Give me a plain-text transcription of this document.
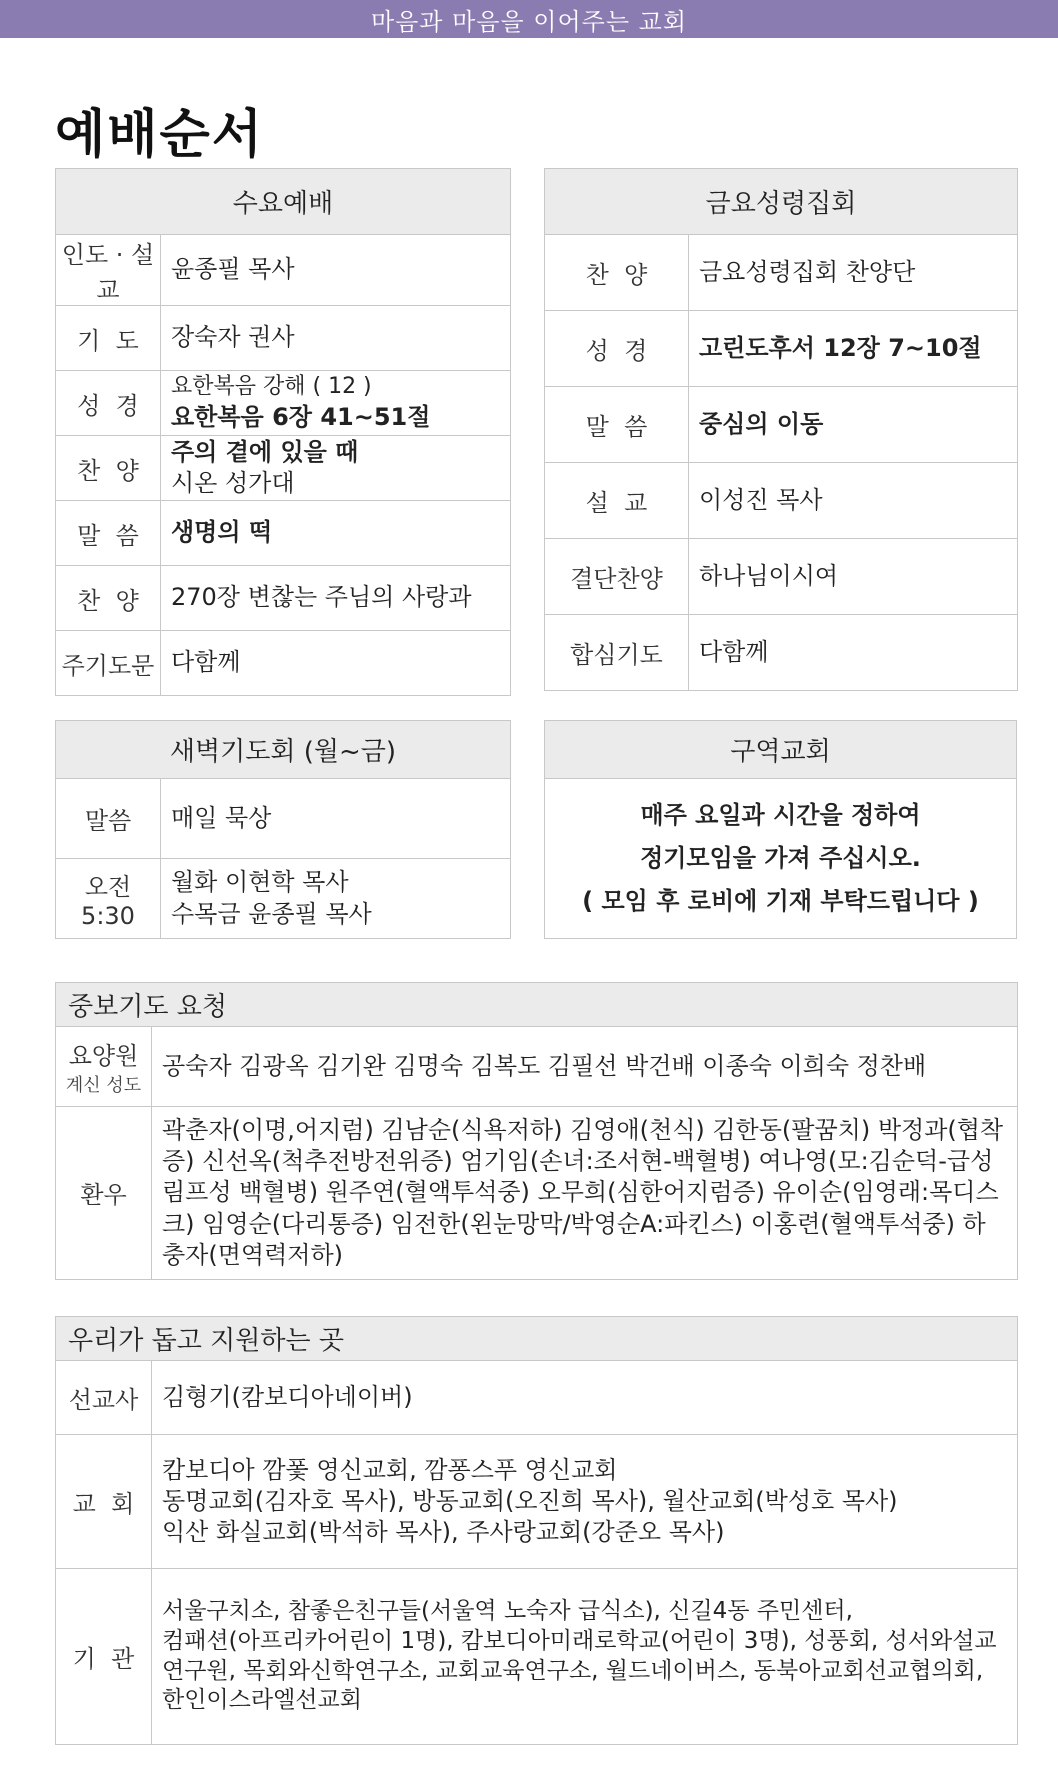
마음과 마음을 이어주는 교회
예배순서
수요예배	
인도 · 설교	윤종필 목사
기  도	장숙자 권사
성  경	요한복음 강해 ( 12 )
요한복음 6장 41~51절

찬  양	주의 곁에 있을 때
시온 성가대

말  씀	생명의 떡
찬  양	270장 변찮는 주님의 사랑과
주기도문	다함께
금요성령집회	
찬  양	금요성령집회 찬양단
성  경	고린도후서 12장 7~10절
말  씀	중심의 이동
설  교	이성진 목사
결단찬양	하나님이시여
합심기도	다함께
새벽기도회 (월~금)	
말씀	매일 묵상
오전 5:30	월화 이현학 목사
수목금 윤종필 목사
구역교회

매주 요일과 시간을 정하여
정기모임을 가져 주십시오.
( 모임 후 로비에 기재 부탁드립니다 )
중보기도 요청	
요양원
계신 성도	공숙자 김광옥 김기완 김명숙 김복도 김필선 박건배 이종숙 이희숙 정찬배
환우	곽춘자(이명,어지럼) 김남순(식욕저하) 김영애(천식) 김한동(팔꿈치) 박정과(협착증) 신선옥(척추전방전위증) 엄기임(손녀:조서현-백혈병) 여나영(모:김순덕-급성림프성 백혈병) 원주연(혈액투석중) 오무희(심한어지럼증) 유이순(임영래:목디스크) 임영순(다리통증) 임전한(왼눈망막/박영순A:파킨스) 이홍련(혈액투석중) 하충자(면역력저하)
우리가 돕고 지원하는 곳	
선교사	김형기(캄보디아네이버)

교  회	캄보디아 깜퐃 영신교회, 깜퐁스푸 영신교회
동명교회(김자호 목사), 방동교회(오진희 목사), 월산교회(박성호 목사)
익산 화실교회(박석하 목사), 주사랑교회(강준오 목사)

기  관	서울구치소, 참좋은친구들(서울역 노숙자 급식소), 신길4동 주민센터,
컴패션(아프리카어린이 1명), 캄보디아미래로학교(어린이 3명), 성풍회, 성서와설교
연구원, 목회와신학연구소, 교회교육연구소, 월드네이버스, 동북아교회선교협의회,
한인이스라엘선교회
